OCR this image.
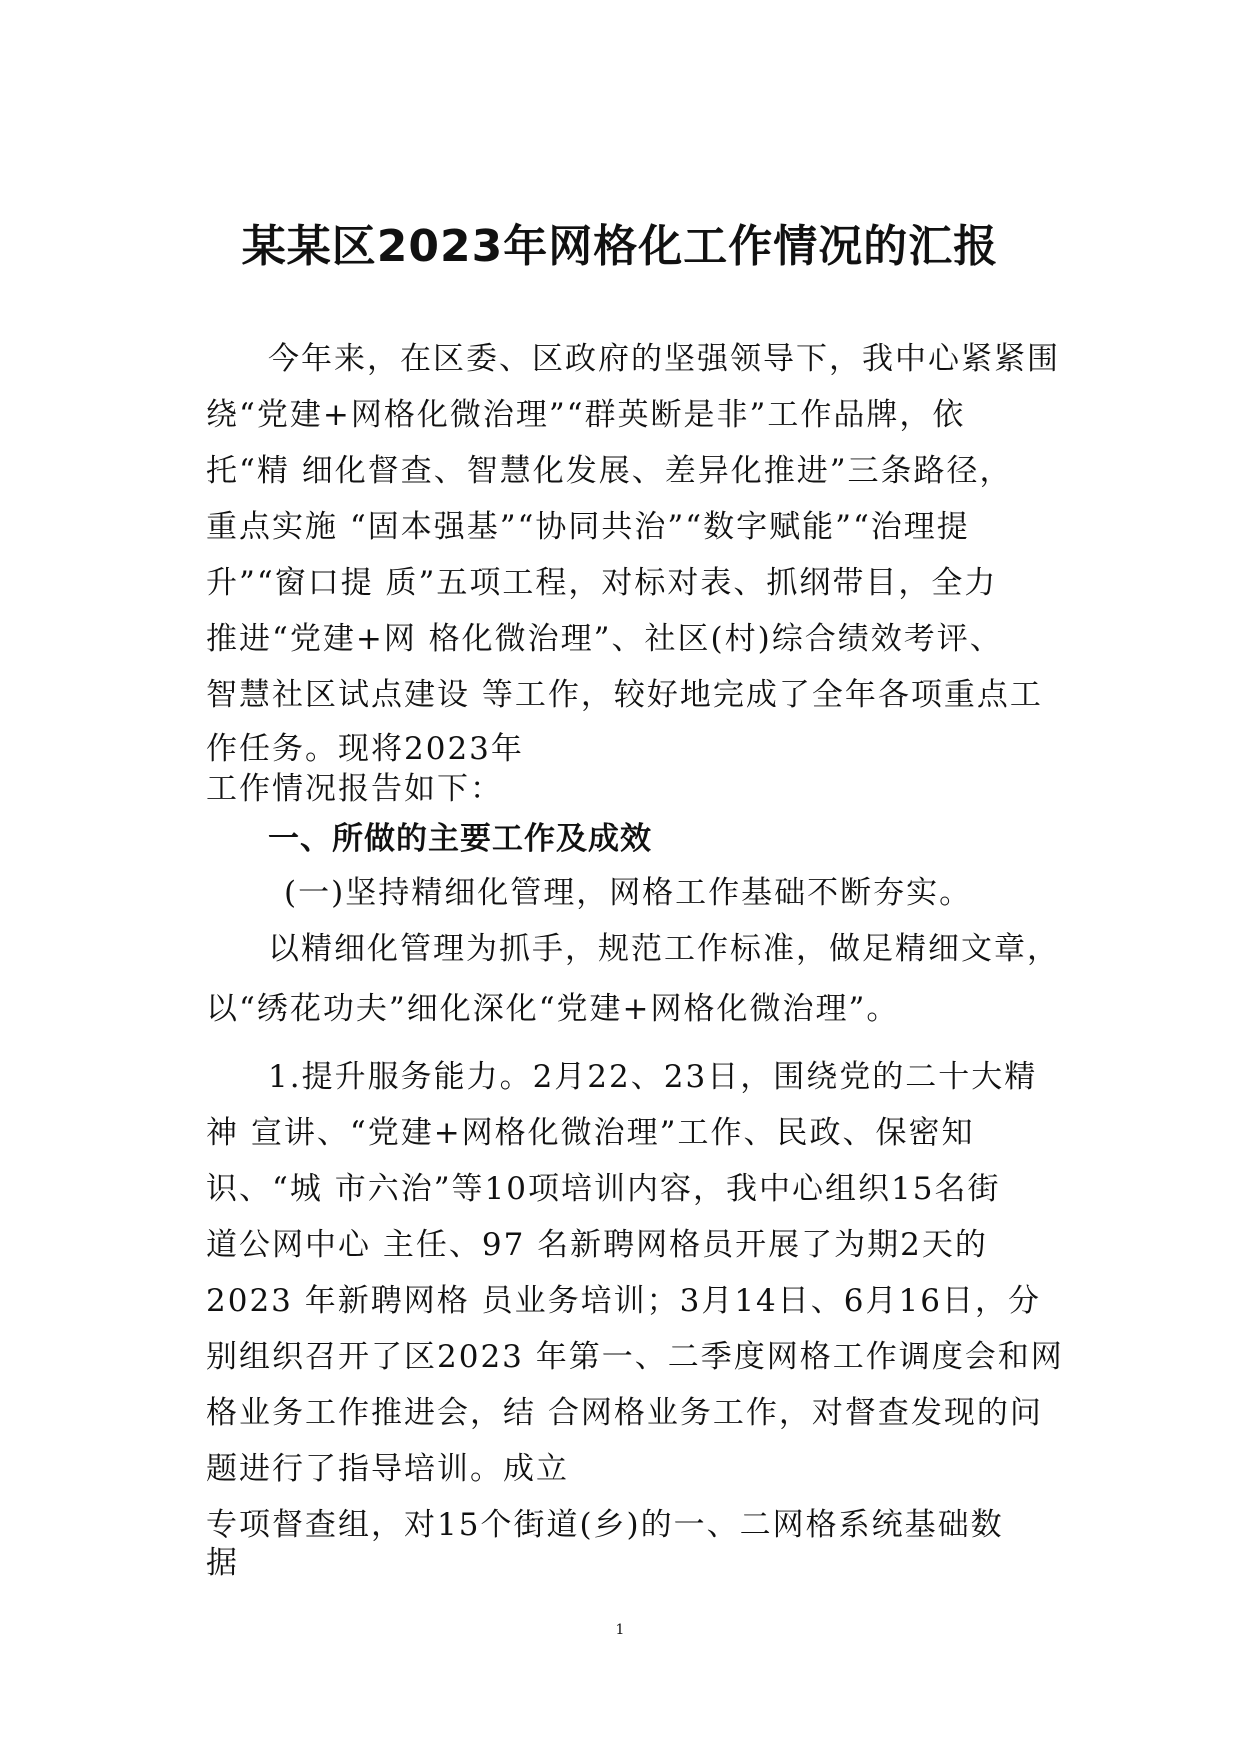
某某区2023年网格化工作情况的汇报
今年来，在区委、区政府的坚强领导下，我中心紧紧围
绕“党建+网格化微治理”“群英断是非”工作品牌，依
托“精 细化督查、智慧化发展、差异化推进”三条路径，
重点实施 “固本强基”“协同共治”“数字赋能”“治理提
升”“窗口提 质”五项工程，对标对表、抓纲带目，全力
推进“党建+网 格化微治理”、社区(村)综合绩效考评、
智慧社区试点建设 等工作，较好地完成了全年各项重点工
作任务。现将2023年
工作情况报告如下：
一、所做的主要工作及成效
(一)坚持精细化管理，网格工作基础不断夯实。
以精细化管理为抓手，规范工作标准，做足精细文章，
以“绣花功夫”细化深化“党建+网格化微治理”。
1.提升服务能力。2月22、23日，围绕党的二十大精
神 宣讲、“党建+网格化微治理”工作、民政、保密知
识、“城 市六治”等10项培训内容，我中心组织15名街
道公网中心 主任、97 名新聘网格员开展了为期2天的
2023 年新聘网格 员业务培训；3月14日、6月16日，分
别组织召开了区2023 年第一、二季度网格工作调度会和网
格业务工作推进会，结 合网格业务工作，对督查发现的问
题进行了指导培训。成立
专项督查组，对15个街道(乡)的一、二网格系统基础数
据
1
